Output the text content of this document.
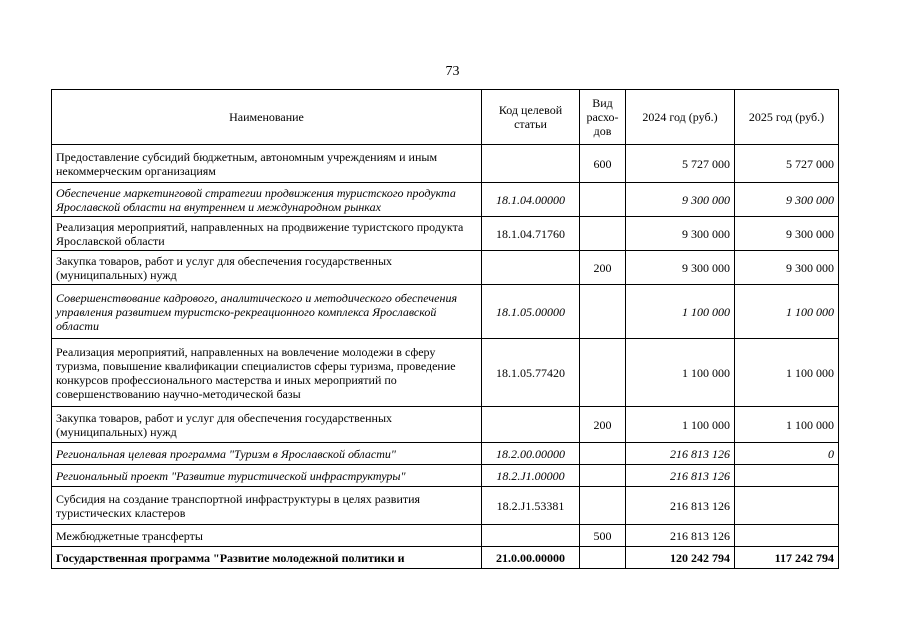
73
Наименование	Код целевой статьи	Вид расхо-дов	2024 год (руб.)	2025 год (руб.)
Предоставление субсидий бюджетным, автономным учреждениям и иным некоммерческим организациям		600	5 727 000	5 727 000
Обеспечение маркетинговой стратегии продвижения туристского продукта Ярославской области на внутреннем и международном рынках	18.1.04.00000		9 300 000	9 300 000
Реализация мероприятий, направленных на продвижение туристского продукта Ярославской области	18.1.04.71760		9 300 000	9 300 000
Закупка товаров, работ и услуг для обеспечения государственных (муниципальных) нужд		200	9 300 000	9 300 000
Совершенствование кадрового, аналитического и методического обеспечения управления развитием туристско-рекреационного комплекса Ярославской области	18.1.05.00000		1 100 000	1 100 000
Реализация мероприятий, направленных на вовлечение молодежи в сферу туризма, повышение квалификации специалистов сферы туризма, проведение конкурсов профессионального мастерства и иных мероприятий по совершенствованию научно-методической базы	18.1.05.77420		1 100 000	1 100 000
Закупка товаров, работ и услуг для обеспечения государственных (муниципальных) нужд		200	1 100 000	1 100 000
Региональная целевая программа "Туризм в Ярославской области"	18.2.00.00000		216 813 126	0
Региональный проект "Развитие туристической инфраструктуры"	18.2.J1.00000		216 813 126	
Субсидия на создание транспортной инфраструктуры в целях развития туристических кластеров	18.2.J1.53381		216 813 126	
Межбюджетные трансферты		500	216 813 126	
Государственная программа "Развитие молодежной политики и	21.0.00.00000		120 242 794	117 242 794
